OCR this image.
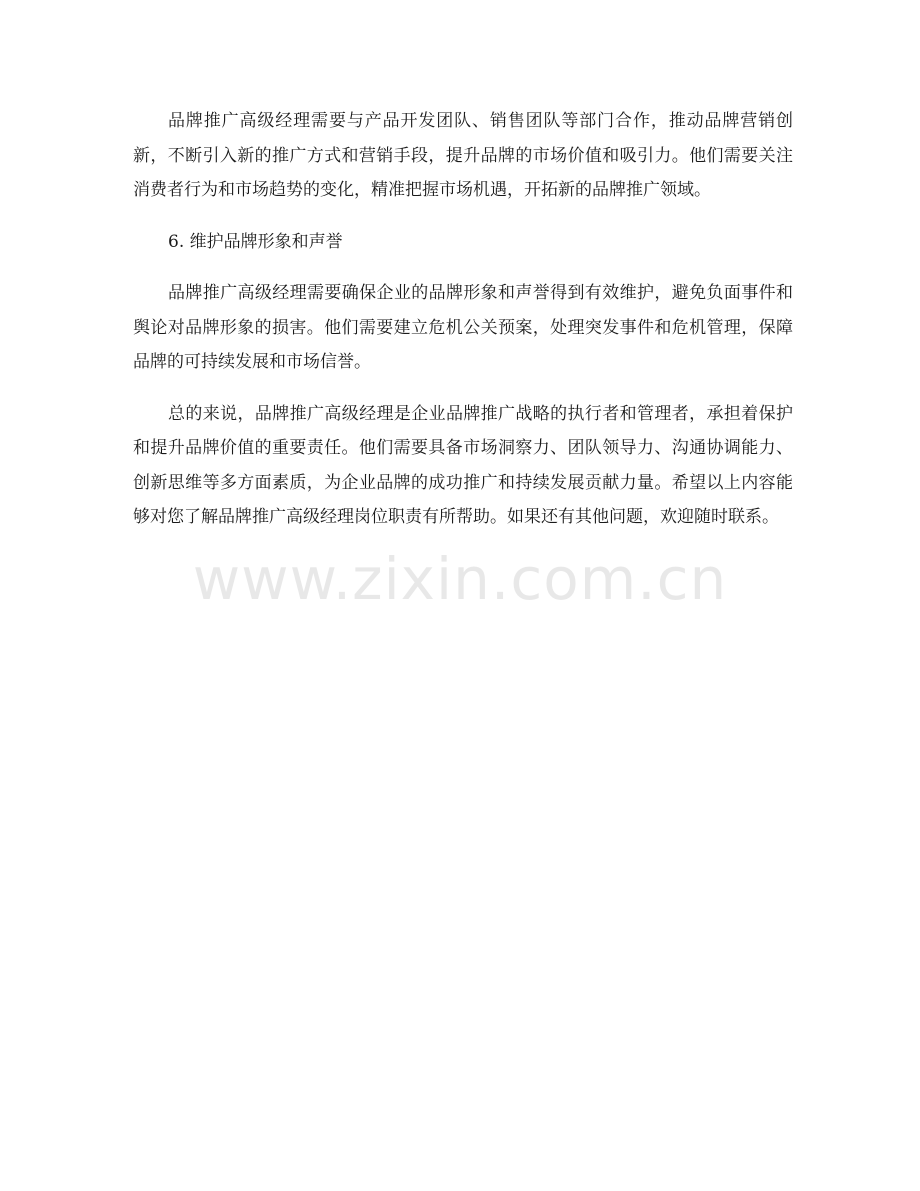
品牌推广高级经理需要与产品开发团队、销售团队等部门合作，推动品牌营销创新，不断引入新的推广方式和营销手段，提升品牌的市场价值和吸引力。他们需要关注消费者行为和市场趋势的变化，精准把握市场机遇，开拓新的品牌推广领域。

6. 维护品牌形象和声誉

品牌推广高级经理需要确保企业的品牌形象和声誉得到有效维护，避免负面事件和舆论对品牌形象的损害。他们需要建立危机公关预案，处理突发事件和危机管理，保障品牌的可持续发展和市场信誉。

总的来说，品牌推广高级经理是企业品牌推广战略的执行者和管理者，承担着保护和提升品牌价值的重要责任。他们需要具备市场洞察力、团队领导力、沟通协调能力、创新思维等多方面素质，为企业品牌的成功推广和持续发展贡献力量。希望以上内容能够对您了解品牌推广高级经理岗位职责有所帮助。如果还有其他问题，欢迎随时联系。

www.zixin.com.cn
